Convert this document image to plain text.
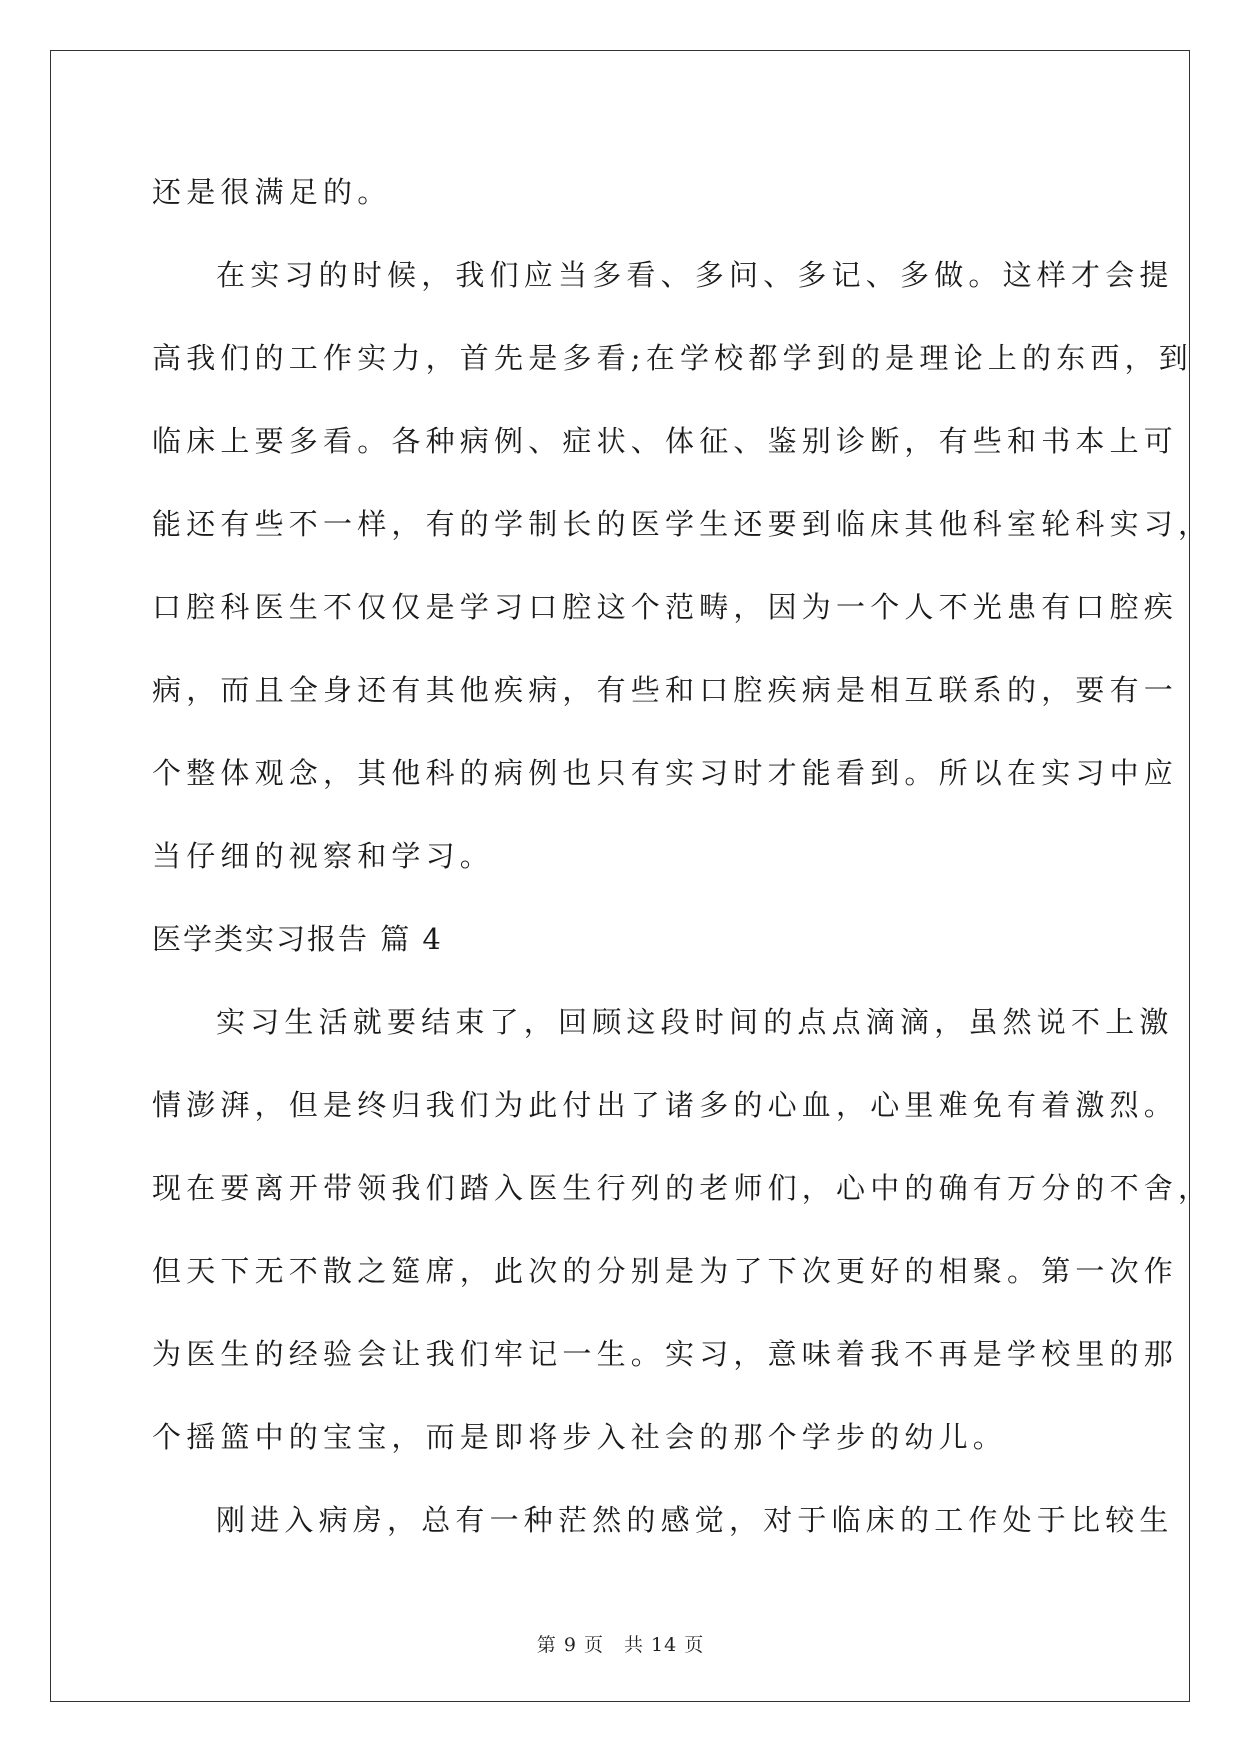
还是很满足的。
在实习的时候，我们应当多看、多问、多记、多做。这样才会提
高我们的工作实力，首先是多看;在学校都学到的是理论上的东西，到
临床上要多看。各种病例、症状、体征、鉴别诊断，有些和书本上可
能还有些不一样，有的学制长的医学生还要到临床其他科室轮科实习，
口腔科医生不仅仅是学习口腔这个范畴，因为一个人不光患有口腔疾
病，而且全身还有其他疾病，有些和口腔疾病是相互联系的，要有一
个整体观念，其他科的病例也只有实习时才能看到。所以在实习中应
当仔细的视察和学习。
医学类实习报告 篇 4
实习生活就要结束了，回顾这段时间的点点滴滴，虽然说不上激
情澎湃，但是终归我们为此付出了诸多的心血，心里难免有着激烈。
现在要离开带领我们踏入医生行列的老师们，心中的确有万分的不舍，
但天下无不散之筵席，此次的分别是为了下次更好的相聚。第一次作
为医生的经验会让我们牢记一生。实习，意味着我不再是学校里的那
个摇篮中的宝宝，而是即将步入社会的那个学步的幼儿。
刚进入病房，总有一种茫然的感觉，对于临床的工作处于比较生
第 9 页　共 14 页
